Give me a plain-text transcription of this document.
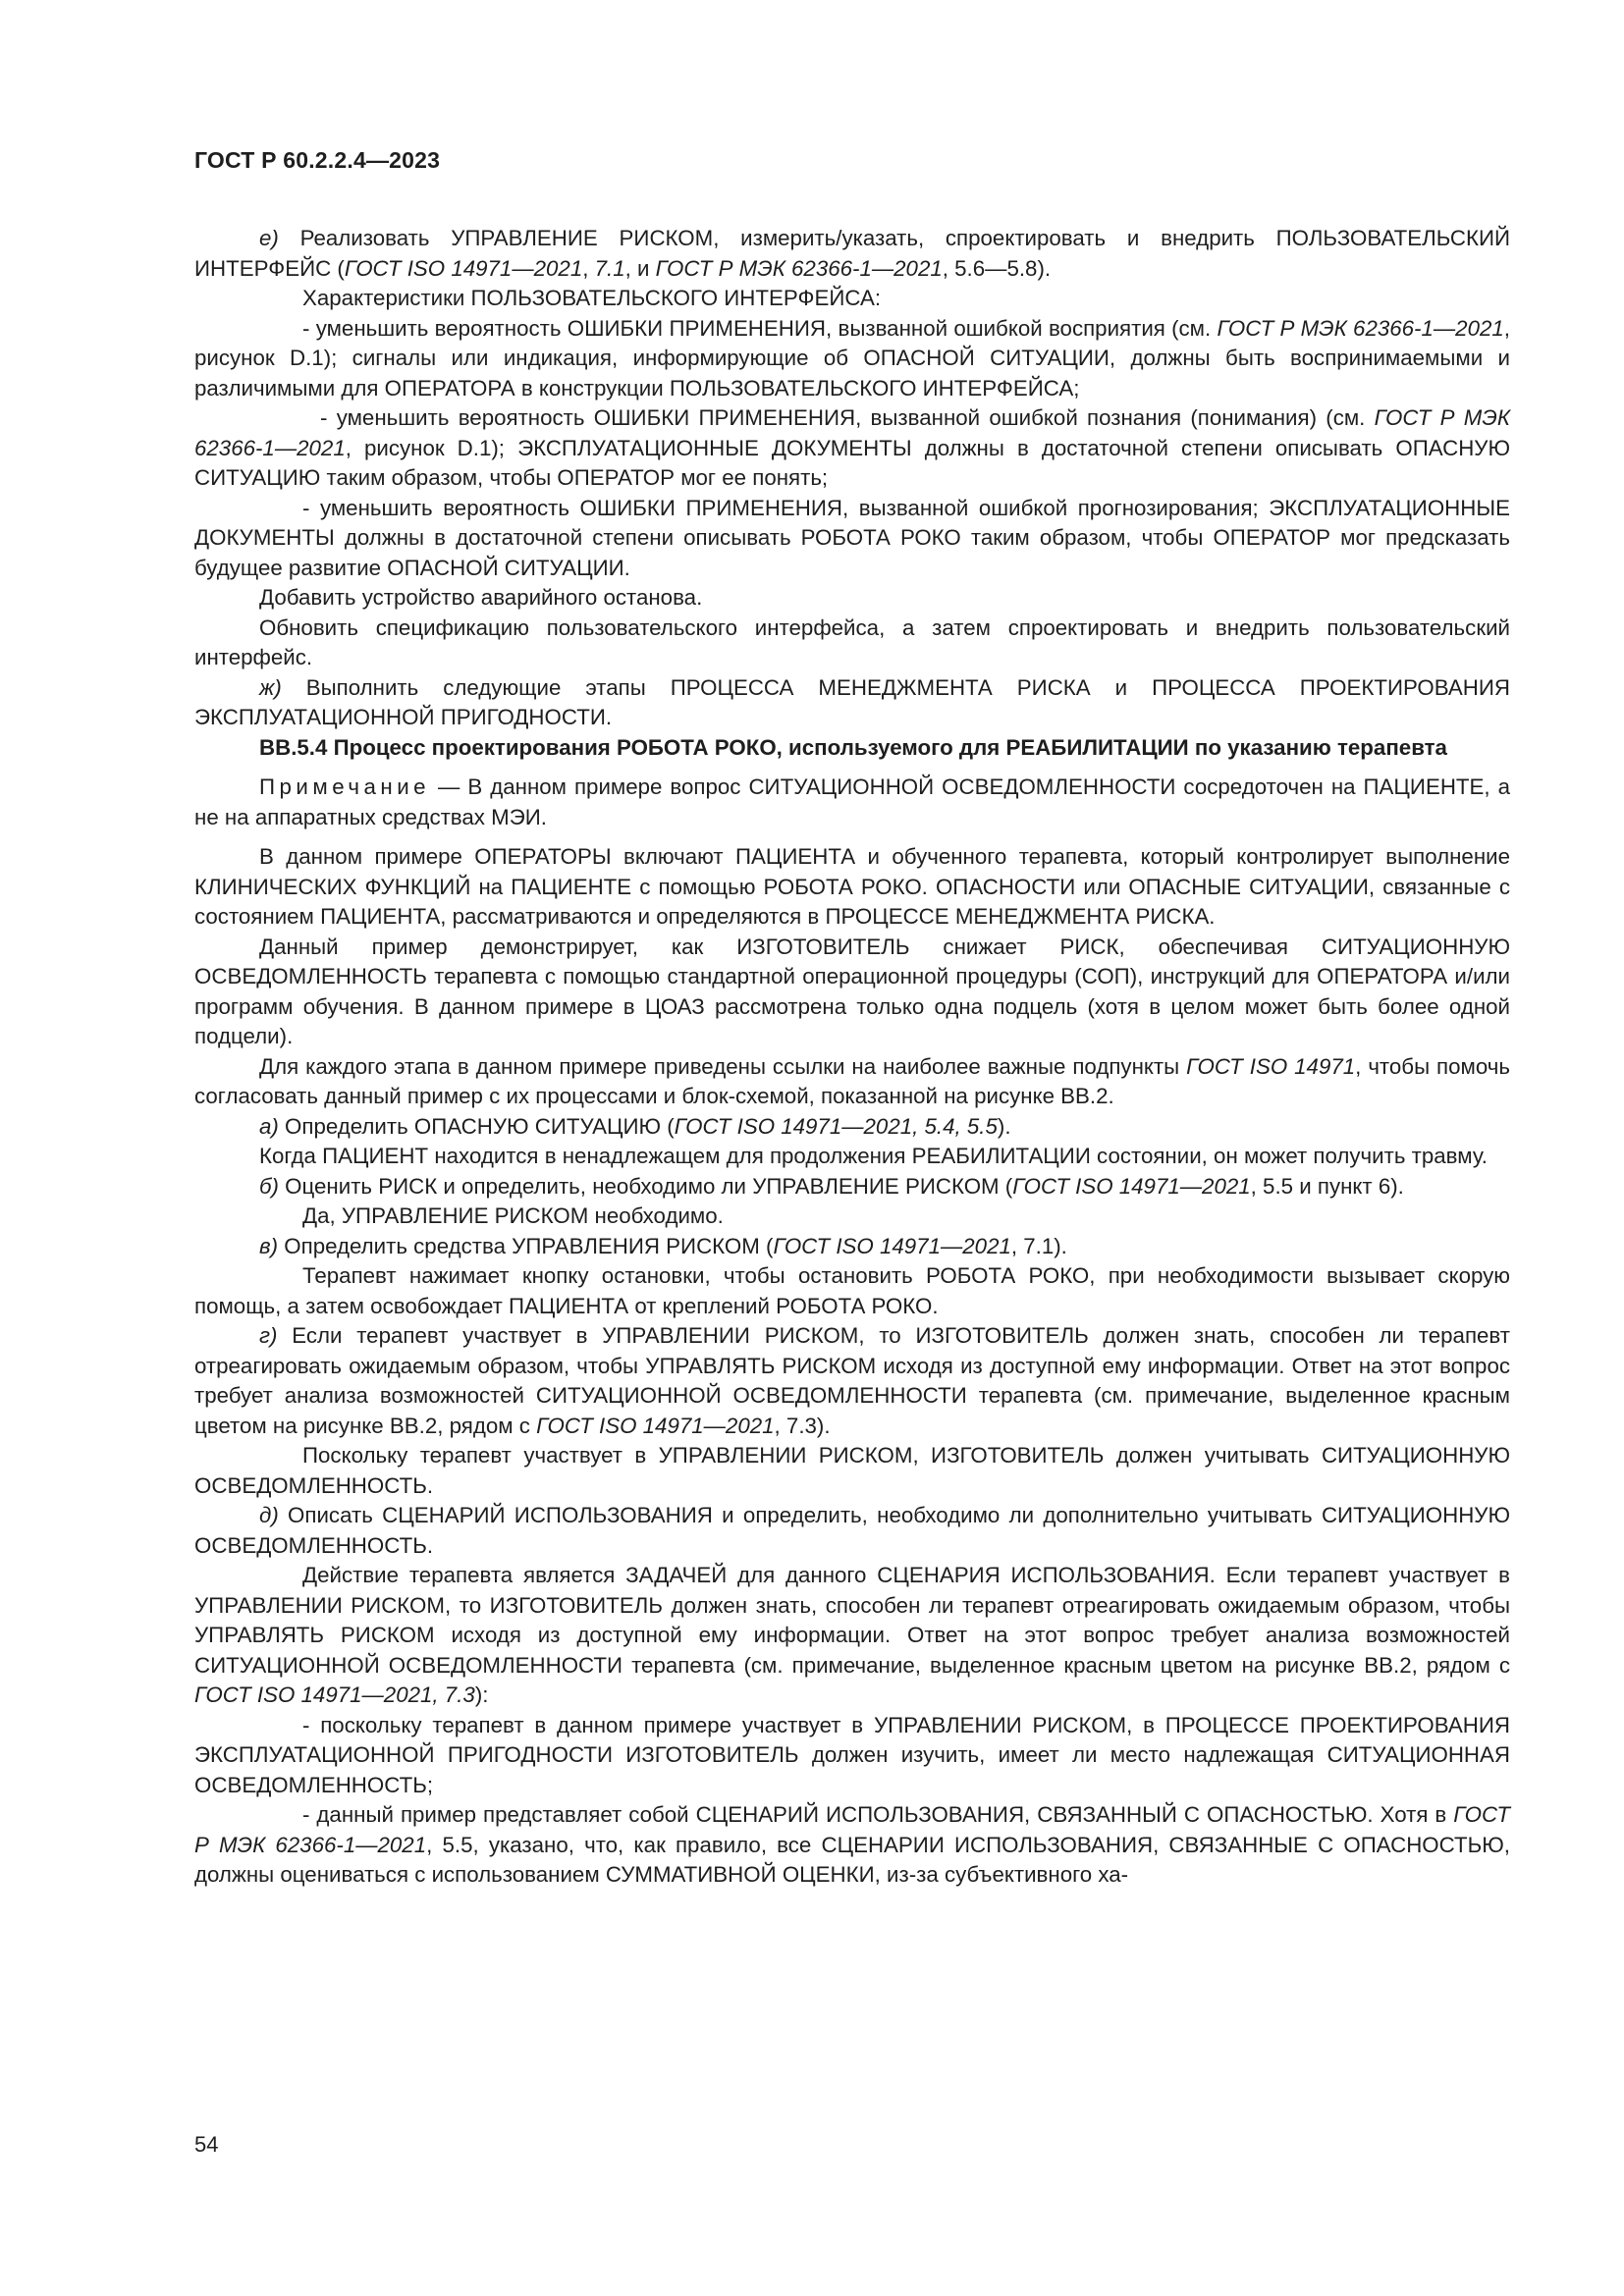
ГОСТ Р 60.2.2.4—2023

е) Реализовать УПРАВЛЕНИЕ РИСКОМ, измерить/указать, спроектировать и внедрить ПОЛЬЗОВАТЕЛЬСКИЙ ИНТЕРФЕЙС (ГОСТ ISO 14971—2021, 7.1, и ГОСТ Р МЭК 62366-1—2021, 5.6—5.8).

Характеристики ПОЛЬЗОВАТЕЛЬСКОГО ИНТЕРФЕЙСА:

- уменьшить вероятность ОШИБКИ ПРИМЕНЕНИЯ, вызванной ошибкой восприятия (см. ГОСТ Р МЭК 62366-1—2021, рисунок D.1); сигналы или индикация, информирующие об ОПАСНОЙ СИТУАЦИИ, должны быть воспринимаемыми и различимыми для ОПЕРАТОРА в конструкции ПОЛЬЗОВАТЕЛЬСКОГО ИНТЕРФЕЙСА;

- уменьшить вероятность ОШИБКИ ПРИМЕНЕНИЯ, вызванной ошибкой познания (понимания) (см. ГОСТ Р МЭК 62366-1—2021, рисунок D.1); ЭКСПЛУАТАЦИОННЫЕ ДОКУМЕНТЫ должны в достаточной степени описывать ОПАСНУЮ СИТУАЦИЮ таким образом, чтобы ОПЕРАТОР мог ее понять;

- уменьшить вероятность ОШИБКИ ПРИМЕНЕНИЯ, вызванной ошибкой прогнозирования; ЭКСПЛУАТАЦИОННЫЕ ДОКУМЕНТЫ должны в достаточной степени описывать РОБОТА РОКО таким образом, чтобы ОПЕРАТОР мог предсказать будущее развитие ОПАСНОЙ СИТУАЦИИ.

Добавить устройство аварийного останова.

Обновить спецификацию пользовательского интерфейса, а затем спроектировать и внедрить пользовательский интерфейс.

ж) Выполнить следующие этапы ПРОЦЕССА МЕНЕДЖМЕНТА РИСКА и ПРОЦЕССА ПРОЕКТИРОВАНИЯ ЭКСПЛУАТАЦИОННОЙ ПРИГОДНОСТИ.

ВВ.5.4 Процесс проектирования РОБОТА РОКО, используемого для РЕАБИЛИТАЦИИ по указанию терапевта

Примечание — В данном примере вопрос СИТУАЦИОННОЙ ОСВЕДОМЛЕННОСТИ сосредоточен на ПАЦИЕНТЕ, а не на аппаратных средствах МЭИ.

В данном примере ОПЕРАТОРЫ включают ПАЦИЕНТА и обученного терапевта, который контролирует выполнение КЛИНИЧЕСКИХ ФУНКЦИЙ на ПАЦИЕНТЕ с помощью РОБОТА РОКО. ОПАСНОСТИ или ОПАСНЫЕ СИТУАЦИИ, связанные с состоянием ПАЦИЕНТА, рассматриваются и определяются в ПРОЦЕССЕ МЕНЕДЖМЕНТА РИСКА.

Данный пример демонстрирует, как ИЗГОТОВИТЕЛЬ снижает РИСК, обеспечивая СИТУАЦИОННУЮ ОСВЕДОМЛЕННОСТЬ терапевта с помощью стандартной операционной процедуры (СОП), инструкций для ОПЕРАТОРА и/или программ обучения. В данном примере в ЦОАЗ рассмотрена только одна подцель (хотя в целом может быть более одной подцели).

Для каждого этапа в данном примере приведены ссылки на наиболее важные подпункты ГОСТ ISO 14971, чтобы помочь согласовать данный пример с их процессами и блок-схемой, показанной на рисунке ВВ.2.

а) Определить ОПАСНУЮ СИТУАЦИЮ (ГОСТ ISO 14971—2021, 5.4, 5.5).

Когда ПАЦИЕНТ находится в ненадлежащем для продолжения РЕАБИЛИТАЦИИ состоянии, он может получить травму.

б) Оценить РИСК и определить, необходимо ли УПРАВЛЕНИЕ РИСКОМ (ГОСТ ISO 14971—2021, 5.5 и пункт 6).

Да, УПРАВЛЕНИЕ РИСКОМ необходимо.

в) Определить средства УПРАВЛЕНИЯ РИСКОМ (ГОСТ ISO 14971—2021, 7.1).

Терапевт нажимает кнопку остановки, чтобы остановить РОБОТА РОКО, при необходимости вызывает скорую помощь, а затем освобождает ПАЦИЕНТА от креплений РОБОТА РОКО.

г) Если терапевт участвует в УПРАВЛЕНИИ РИСКОМ, то ИЗГОТОВИТЕЛЬ должен знать, способен ли терапевт отреагировать ожидаемым образом, чтобы УПРАВЛЯТЬ РИСКОМ исходя из доступной ему информации. Ответ на этот вопрос требует анализа возможностей СИТУАЦИОННОЙ ОСВЕДОМЛЕННОСТИ терапевта (см. примечание, выделенное красным цветом на рисунке ВВ.2, рядом с ГОСТ ISO 14971—2021, 7.3).

Поскольку терапевт участвует в УПРАВЛЕНИИ РИСКОМ, ИЗГОТОВИТЕЛЬ должен учитывать СИТУАЦИОННУЮ ОСВЕДОМЛЕННОСТЬ.

д) Описать СЦЕНАРИЙ ИСПОЛЬЗОВАНИЯ и определить, необходимо ли дополнительно учитывать СИТУАЦИОННУЮ ОСВЕДОМЛЕННОСТЬ.

Действие терапевта является ЗАДАЧЕЙ для данного СЦЕНАРИЯ ИСПОЛЬЗОВАНИЯ. Если терапевт участвует в УПРАВЛЕНИИ РИСКОМ, то ИЗГОТОВИТЕЛЬ должен знать, способен ли терапевт отреагировать ожидаемым образом, чтобы УПРАВЛЯТЬ РИСКОМ исходя из доступной ему информации. Ответ на этот вопрос требует анализа возможностей СИТУАЦИОННОЙ ОСВЕДОМЛЕННОСТИ терапевта (см. примечание, выделенное красным цветом на рисунке ВВ.2, рядом с ГОСТ ISO 14971—2021, 7.3):

- поскольку терапевт в данном примере участвует в УПРАВЛЕНИИ РИСКОМ, в ПРОЦЕССЕ ПРОЕКТИРОВАНИЯ ЭКСПЛУАТАЦИОННОЙ ПРИГОДНОСТИ ИЗГОТОВИТЕЛЬ должен изучить, имеет ли место надлежащая СИТУАЦИОННАЯ ОСВЕДОМЛЕННОСТЬ;

- данный пример представляет собой СЦЕНАРИЙ ИСПОЛЬЗОВАНИЯ, СВЯЗАННЫЙ С ОПАСНОСТЬЮ. Хотя в ГОСТ Р МЭК 62366-1—2021, 5.5, указано, что, как правило, все СЦЕНАРИИ ИСПОЛЬЗОВАНИЯ, СВЯЗАННЫЕ С ОПАСНОСТЬЮ, должны оцениваться с использованием СУММАТИВНОЙ ОЦЕНКИ, из-за субъективного ха-

54
